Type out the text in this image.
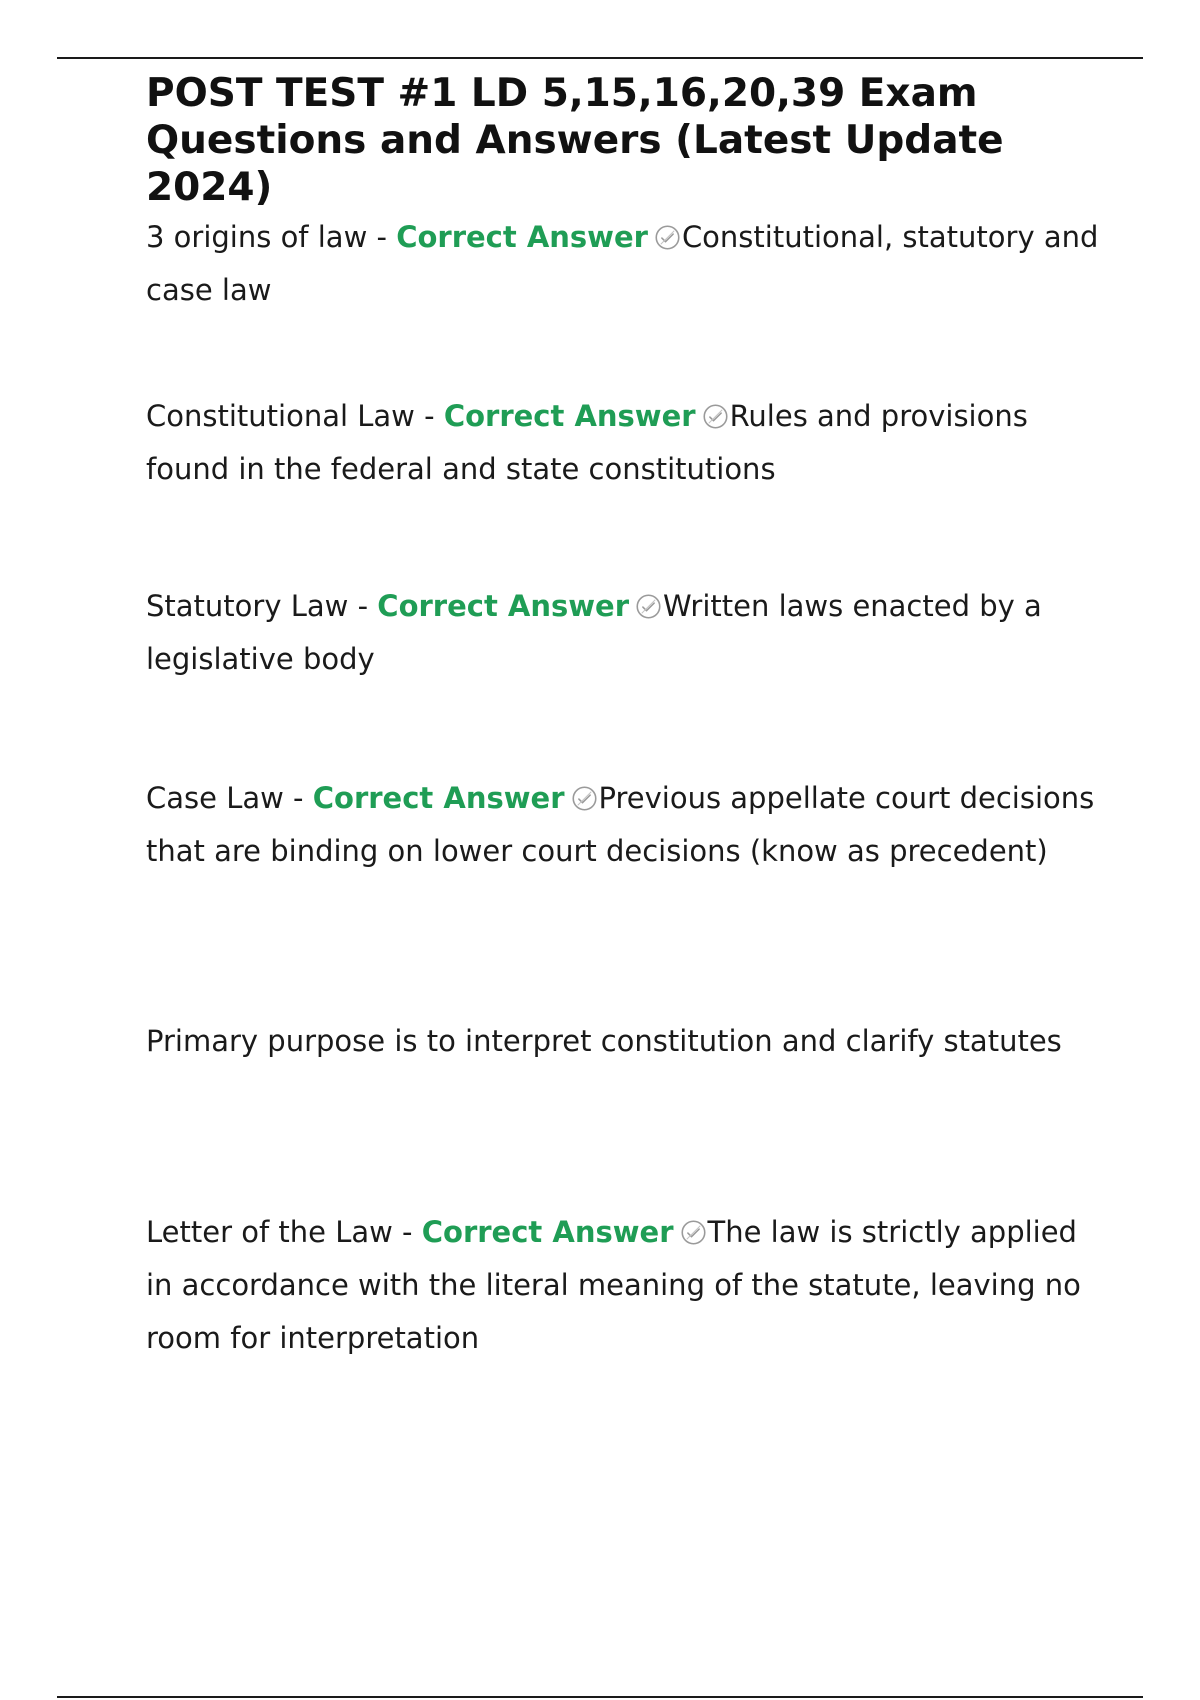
POST TEST #1 LD 5,15,16,20,39 Exam Questions and Answers (Latest Update 2024)

3 origins of law - Correct Answer Constitutional, statutory and case law

Constitutional Law - Correct Answer Rules and provisions found in the federal and state constitutions

Statutory Law - Correct Answer Written laws enacted by a legislative body

Case Law - Correct Answer Previous appellate court decisions that are binding on lower court decisions (know as precedent)

Primary purpose is to interpret constitution and clarify statutes

Letter of the Law - Correct Answer The law is strictly applied in accordance with the literal meaning of the statute, leaving no room for interpretation
